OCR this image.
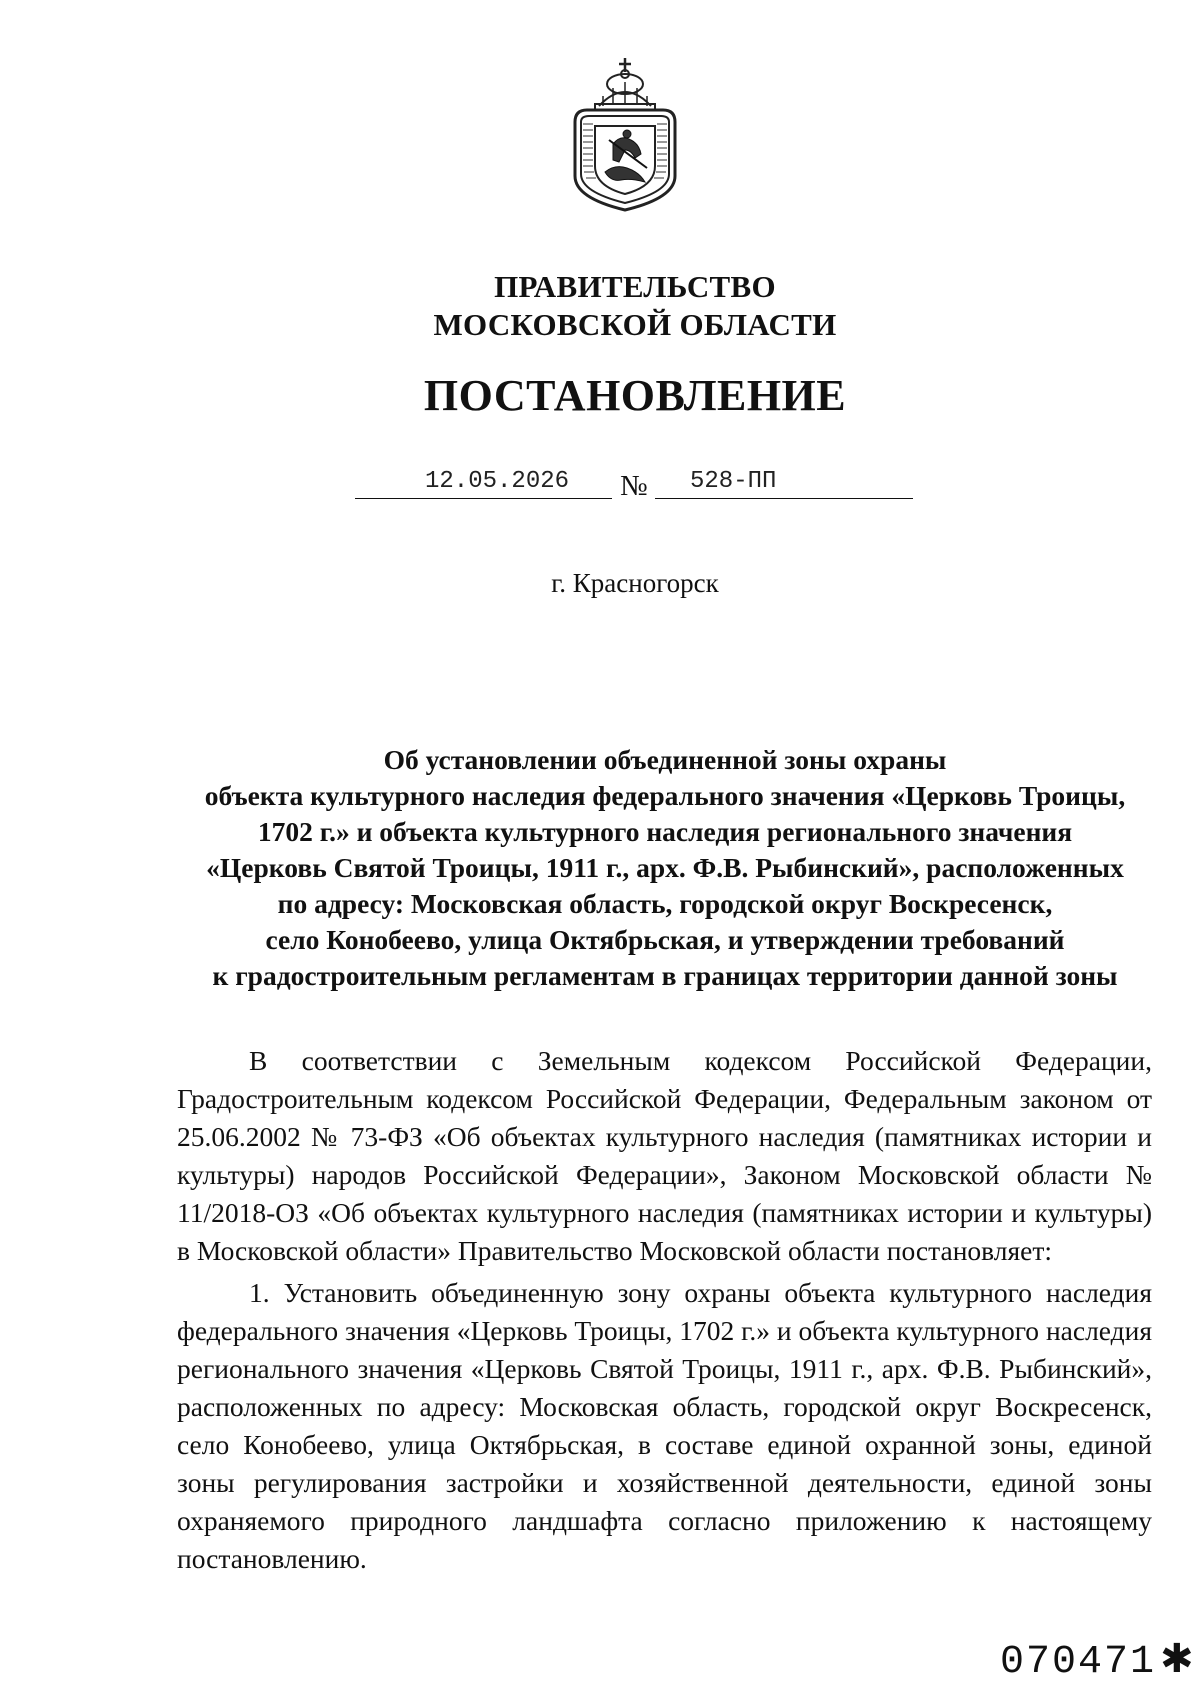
ПРАВИТЕЛЬСТВО
МОСКОВСКОЙ ОБЛАСТИ
ПОСТАНОВЛЕНИЕ
12.05.2026 № 528-ПП
г. Красногорск
Об установлении объединенной зоны охраны
объекта культурного наследия федерального значения «Церковь Троицы,
1702 г.» и объекта культурного наследия регионального значения
«Церковь Святой Троицы, 1911 г., арх. Ф.В. Рыбинский», расположенных
по адресу: Московская область, городской округ Воскресенск,
село Конобеево, улица Октябрьская, и утверждении требований
к градостроительным регламентам в границах территории данной зоны

В соответствии с Земельным кодексом Российской Федерации, Градостроительным кодексом Российской Федерации, Федеральным законом от 25.06.2002 № 73-ФЗ «Об объектах культурного наследия (памятниках истории и культуры) народов Российской Федерации», Законом Московской области № 11/2018-ОЗ «Об объектах культурного наследия (памятниках истории и культуры) в Московской области» Правительство Московской области постановляет:

1. Установить объединенную зону охраны объекта культурного наследия федерального значения «Церковь Троицы, 1702 г.» и объекта культурного наследия регионального значения «Церковь Святой Троицы, 1911 г., арх. Ф.В. Рыбинский», расположенных по адресу: Московская область, городской округ Воскресенск, село Конобеево, улица Октябрьская, в составе единой охранной зоны, единой зоны регулирования застройки и хозяйственной деятельности, единой зоны охраняемого природного ландшафта согласно приложению к настоящему постановлению.

070471 ✱
